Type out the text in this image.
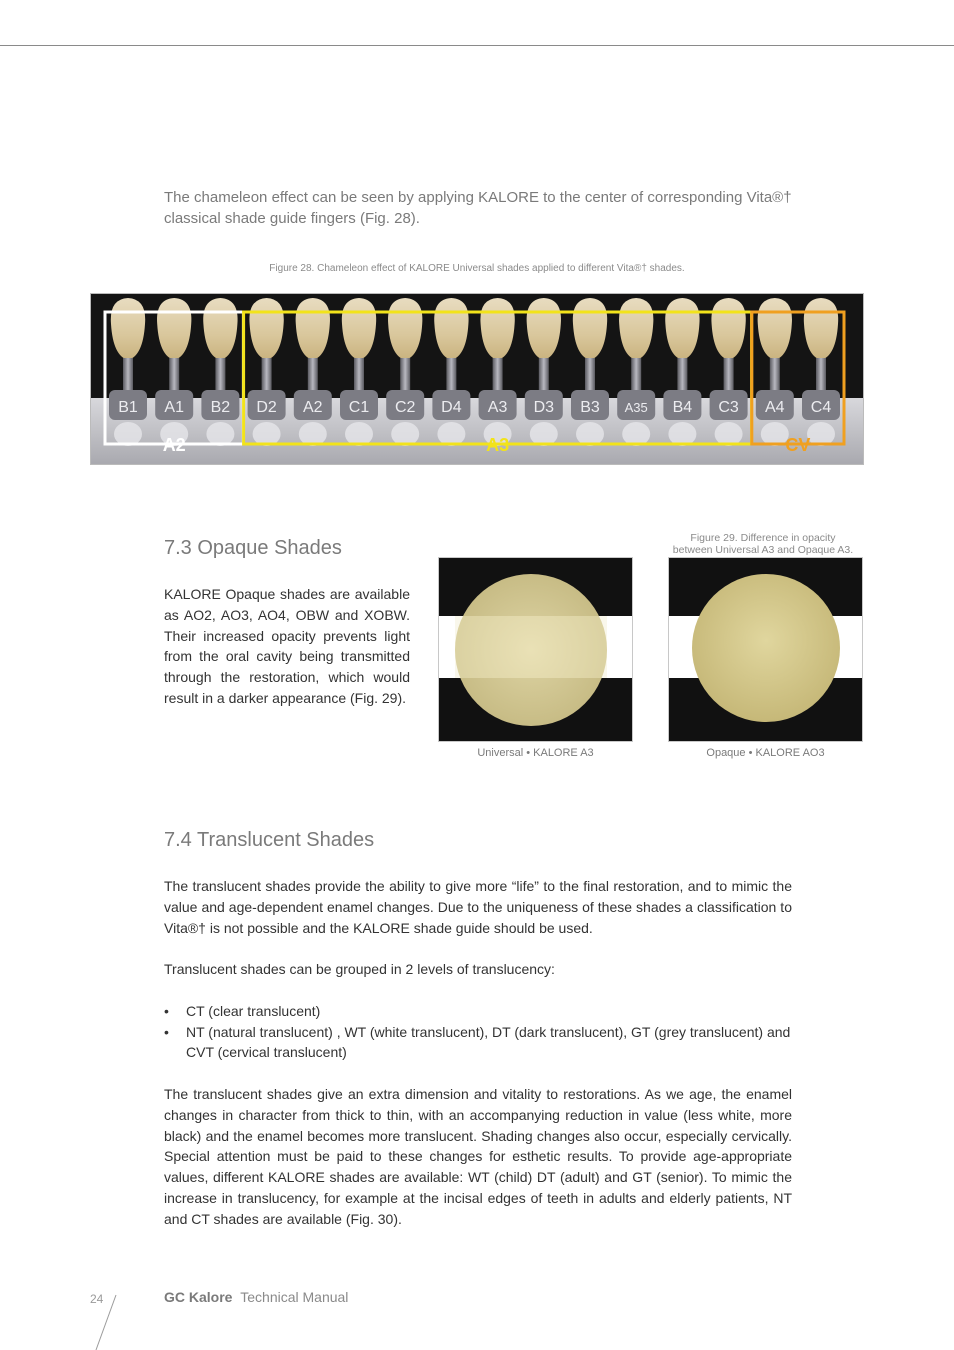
The chameleon effect can be seen by applying KALORE to the center of corresponding Vita®† classical shade guide fingers (Fig. 28).

Figure 28. Chameleon effect of KALORE Universal shades applied to different Vita®† shades.
B1 A1 B2 D2 A2 C1 C2 D4 A3 D3 B3 A35 B4 C3 A4 C4
A2	A3	CV
7.3 Opaque Shades

KALORE Opaque shades are available as AO2, AO3, AO4, OBW and XOBW. Their increased opacity prevents light from the oral cavity being transmitted through the restoration, which would result in a darker appearance (Fig. 29).

Figure 29. Difference in opacity
between Universal A3 and Opaque A3.
Universal • KALORE A3	Opaque • KALORE AO3
7.4 Translucent Shades

The translucent shades provide the ability to give more “life” to the final restoration, and to mimic the value and age-dependent enamel changes. Due to the uniqueness of these shades a classification to Vita®† is not possible and the KALORE shade guide should be used.

Translucent shades can be grouped in 2 levels of translucency:

• CT (clear translucent)
• NT (natural translucent) , WT (white translucent), DT (dark translucent), GT (grey translucent) and CVT (cervical translucent)

The translucent shades give an extra dimension and vitality to restorations. As we age, the enamel changes in character from thick to thin, with an accompanying reduction in value (less white, more black) and the enamel becomes more translucent. Shading changes also occur, especially cervically. Special attention must be paid to these changes for esthetic results. To provide age-appropriate values, different KALORE shades are available: WT (child) DT (adult) and GT (senior). To mimic the increase in translucency, for example at the incisal edges of teeth in adults and elderly patients, NT and CT shades are available (Fig. 30).

24	GC Kalore Technical Manual
